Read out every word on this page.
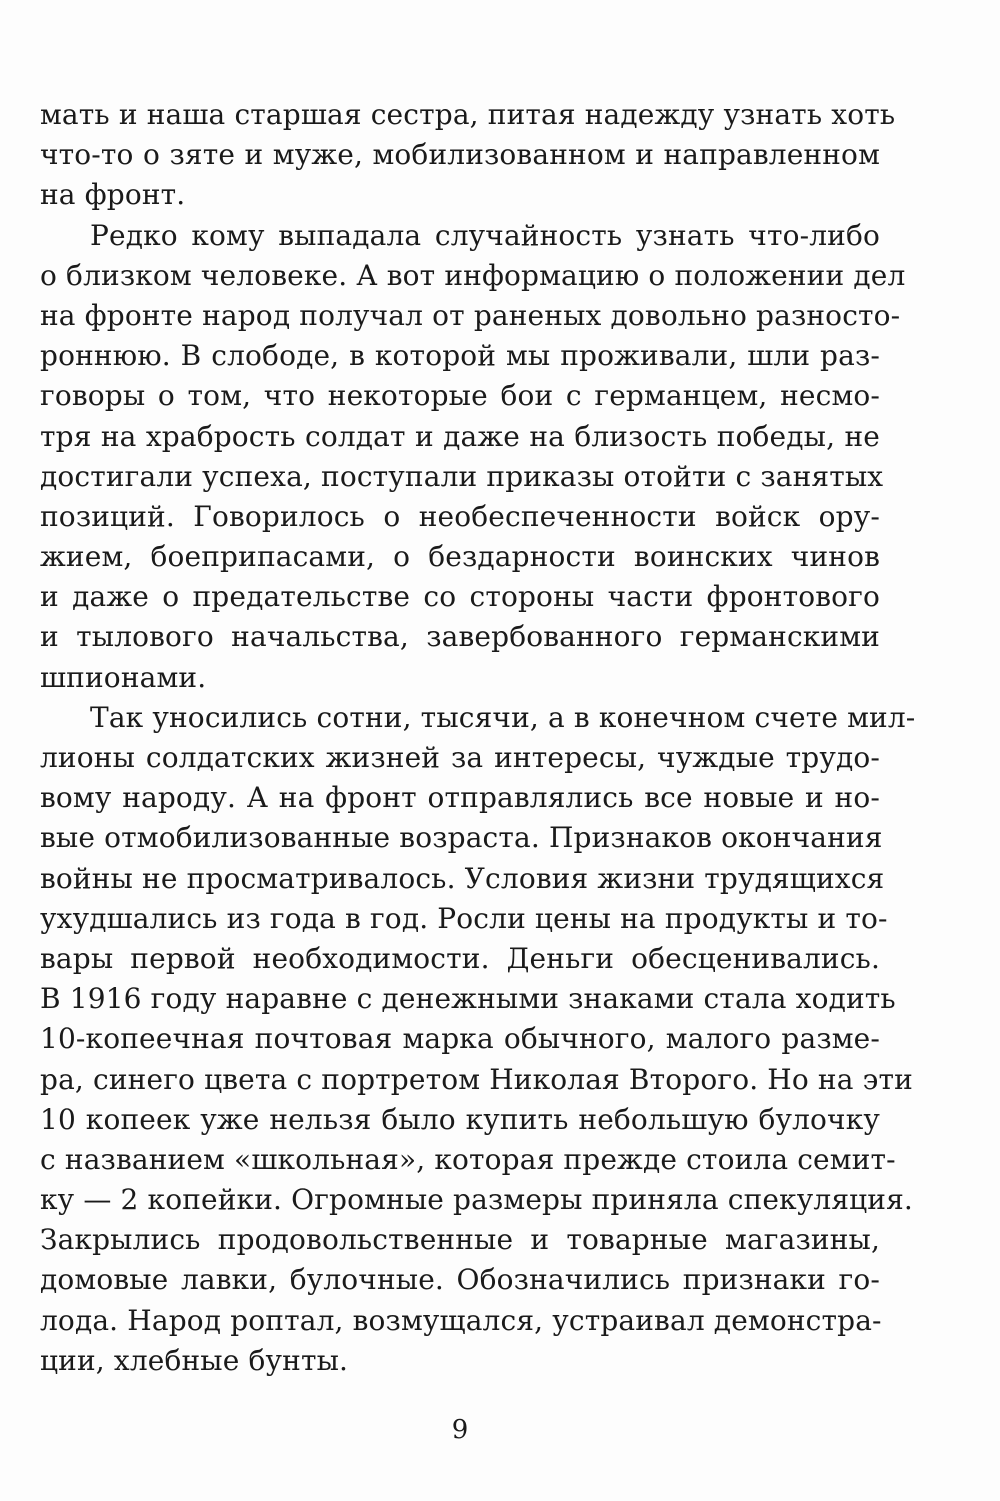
мать и наша старшая сестра, питая надежду узнать хоть
что-то о зяте и муже, мобилизованном и направленном
на фронт.
Редко кому выпадала случайность узнать что-либо
о близком человеке. А вот информацию о положении дел
на фронте народ получал от раненых довольно разносто-
роннюю. В слободе, в которой мы проживали, шли раз-
говоры о том, что некоторые бои с германцем, несмо-
тря на храбрость солдат и даже на близость победы, не
достигали успеха, поступали приказы отойти с занятых
позиций. Говорилось о необеспеченности войск ору-
жием, боеприпасами, о бездарности воинских чинов
и даже о предательстве со стороны части фронтового
и тылового начальства, завербованного германскими
шпионами.
Так уносились сотни, тысячи, а в конечном счете мил-
лионы солдатских жизней за интересы, чуждые трудо-
вому народу. А на фронт отправлялись все новые и но-
вые отмобилизованные возраста. Признаков окончания
войны не просматривалось. Условия жизни трудящихся
ухудшались из года в год. Росли цены на продукты и то-
вары первой необходимости. Деньги обесценивались.
В 1916 году наравне с денежными знаками стала ходить
10-копеечная почтовая марка обычного, малого разме-
ра, синего цвета с портретом Николая Второго. Но на эти
10 копеек уже нельзя было купить небольшую булочку
с названием «школьная», которая прежде стоила семит-
ку — 2 копейки. Огромные размеры приняла спекуляция.
Закрылись продовольственные и товарные магазины,
домовые лавки, булочные. Обозначились признаки го-
лода. Народ роптал, возмущался, устраивал демонстра-
ции, хлебные бунты.
9
